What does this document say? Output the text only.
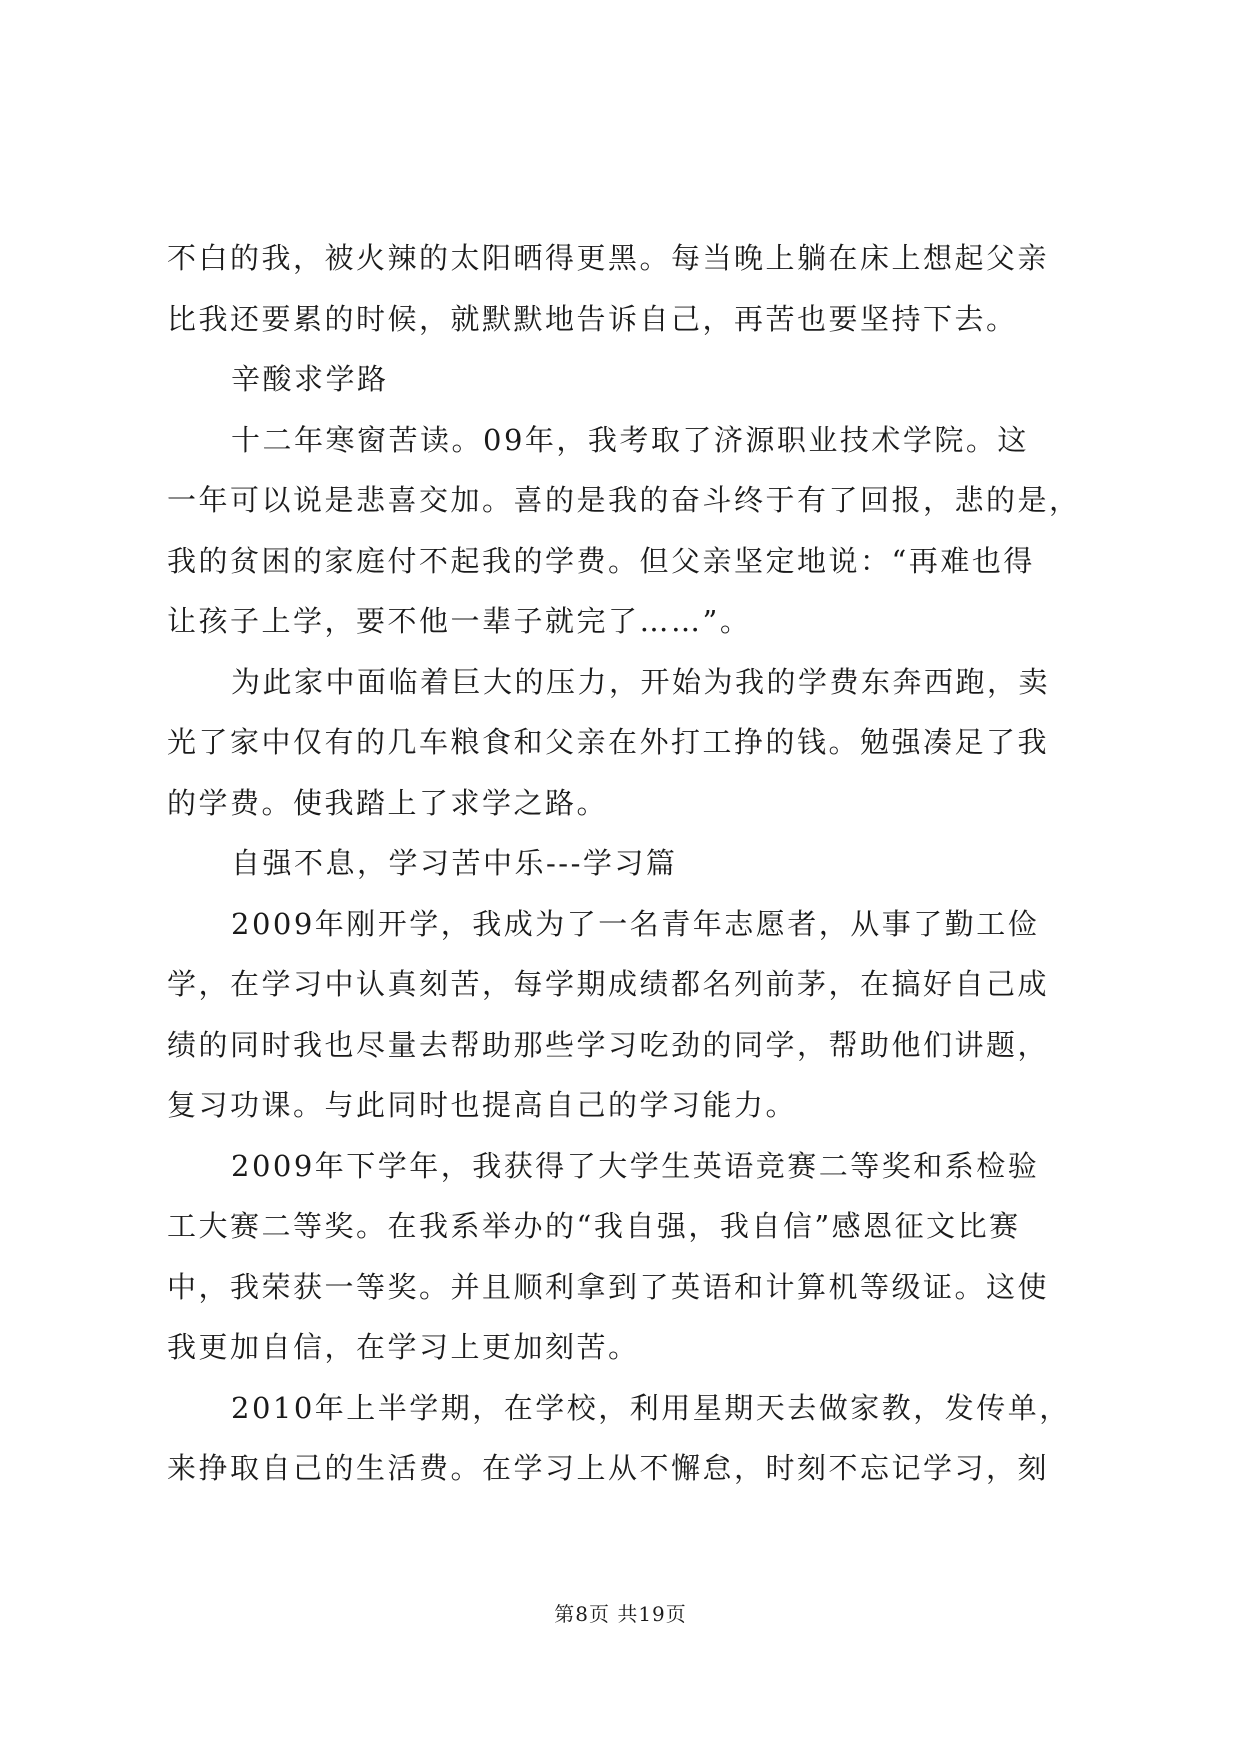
不白的我，被火辣的太阳晒得更黑。每当晚上躺在床上想起父亲
比我还要累的时候，就默默地告诉自己，再苦也要坚持下去。
辛酸求学路
十二年寒窗苦读。09年，我考取了济源职业技术学院。这
一年可以说是悲喜交加。喜的是我的奋斗终于有了回报，悲的是，
我的贫困的家庭付不起我的学费。但父亲坚定地说：“再难也得
让孩子上学，要不他一辈子就完了……”。
为此家中面临着巨大的压力，开始为我的学费东奔西跑，卖
光了家中仅有的几车粮食和父亲在外打工挣的钱。勉强凑足了我
的学费。使我踏上了求学之路。
自强不息，学习苦中乐---学习篇
2009年刚开学，我成为了一名青年志愿者，从事了勤工俭
学，在学习中认真刻苦，每学期成绩都名列前茅，在搞好自己成
绩的同时我也尽量去帮助那些学习吃劲的同学，帮助他们讲题，
复习功课。与此同时也提高自己的学习能力。
2009年下学年，我获得了大学生英语竞赛二等奖和系检验
工大赛二等奖。在我系举办的“我自强，我自信”感恩征文比赛
中，我荣获一等奖。并且顺利拿到了英语和计算机等级证。这使
我更加自信，在学习上更加刻苦。
2010年上半学期，在学校，利用星期天去做家教，发传单，
来挣取自己的生活费。在学习上从不懈怠，时刻不忘记学习，刻
第8页 共19页
